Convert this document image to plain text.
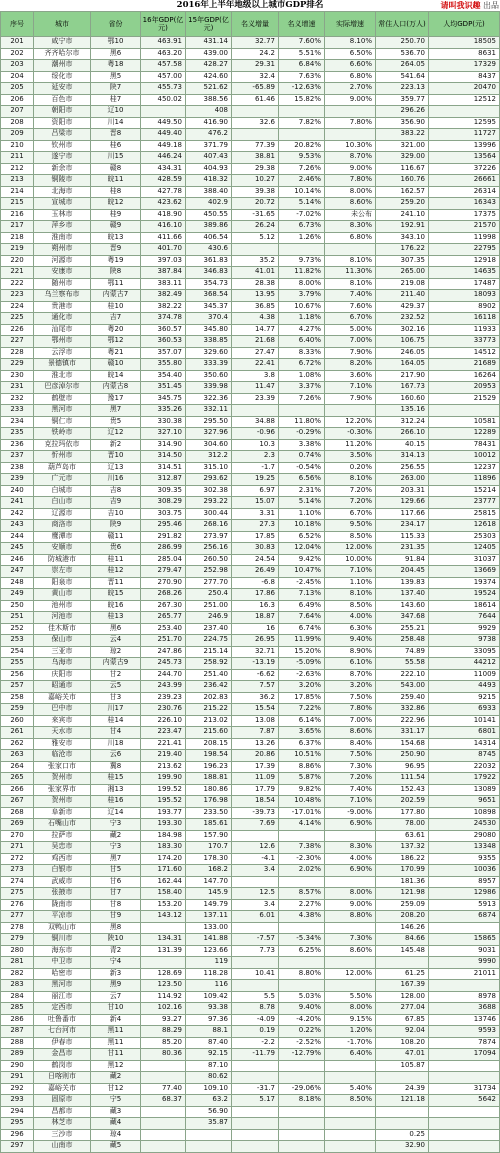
2016年上半年地级以上城市GDP排名	请叫我识趣 出品
序号	城市	省份	16年GDP(亿元)	15年GDP(亿元)	名义增量	名义增速	实际增速	常住人口(万人)	人均GDP(元)
201	咸宁市	鄂10	463.91	431.14	32.77	7.60%	8.10%	250.70	18505
202	齐齐哈尔市	黑6	463.20	439.00	24.2	5.51%	6.50%	536.70	8631
203	潮州市	粤18	457.58	428.27	29.31	6.84%	6.60%	264.05	17329
204	绥化市	黑5	457.00	424.60	32.4	7.63%	6.80%	541.64	8437
205	延安市	陕7	455.73	521.62	-65.89	-12.63%	2.70%	223.13	20470
206	百色市	桂7	450.02	388.56	61.46	15.82%	9.00%	359.77	12512
207	朝阳市	辽10		408				296.26	
208	资阳市	川14	449.50	416.90	32.6	7.82%	7.80%	356.90	12595
209	吕梁市	晋8	449.40	476.2				383.22	11727
210	钦州市	桂6	449.18	371.79	77.39	20.82%	10.30%	321.00	13996
211	遂宁市	川15	446.24	407.43	38.81	9.53%	8.70%	329.00	13564
212	新余市	赣8	434.31	404.93	29.38	7.26%	9.00%	116.67	37226
213	铜陵市	皖11	428.59	418.32	10.27	2.46%	7.80%	160.76	26661
214	北海市	桂8	427.78	388.40	39.38	10.14%	8.00%	162.57	26314
215	宣城市	皖12	423.62	402.9	20.72	5.14%	8.60%	259.20	16343
216	玉林市	桂9	418.90	450.55	-31.65	-7.02%	未公布	241.10	17375
217	萍乡市	赣9	416.10	389.86	26.24	6.73%	8.30%	192.91	21570
218	淮南市	皖13	411.66	406.54	5.12	1.26%	6.80%	343.10	11998
219	朔州市	晋9	401.70	430.6				176.22	22795
220	河源市	粤19	397.03	361.83	35.2	9.73%	8.10%	307.35	12918
221	安康市	陕8	387.84	346.83	41.01	11.82%	11.30%	265.00	14635
222	随州市	鄂11	383.11	354.73	28.38	8.00%	8.10%	219.08	17487
223	乌兰察布市	内蒙古7	382.49	368.54	13.95	3.79%	7.40%	211.40	18093
224	贵港市	桂10	382.22	345.37	36.85	10.67%	7.60%	429.37	8902
225	通化市	吉7	374.78	370.4	4.38	1.18%	6.70%	232.52	16118
226	汕尾市	粤20	360.57	345.80	14.77	4.27%	5.00%	302.16	11933
227	鄂州市	鄂12	360.53	338.85	21.68	6.40%	7.00%	106.75	33773
228	云浮市	粤21	357.07	329.60	27.47	8.33%	7.90%	246.05	14512
229	景德镇市	赣10	355.80	333.39	22.41	6.72%	8.20%	164.05	21689
230	淮北市	皖14	354.40	350.60	3.8	1.08%	3.60%	217.90	16264
231	巴彦淖尔市	内蒙古8	351.45	339.98	11.47	3.37%	7.10%	167.73	20953
232	鹤壁市	豫17	345.75	322.36	23.39	7.26%	7.90%	160.60	21529
233	黑河市	黑7	335.26	332.11				135.16	
234	铜仁市	贵5	330.38	295.50	34.88	11.80%	12.20%	312.24	10581
235	铁岭市	辽12	327.10	327.96	-0.96	-0.29%	-0.30%	266.10	12289
236	克拉玛依市	新2	314.90	304.60	10.3	3.38%	11.20%	40.15	78431
237	忻州市	晋10	314.50	312.2	2.3	0.74%	3.50%	314.13	10012
238	葫芦岛市	辽13	314.51	315.10	-1.7	-0.54%	0.20%	256.55	12237
239	广元市	川16	312.87	293.62	19.25	6.56%	8.10%	263.00	11896
240	白城市	吉8	309.35	302.38	6.97	2.31%	7.20%	203.31	15214
241	白山市	吉9	308.29	293.22	15.07	5.14%	7.20%	129.66	23777
242	辽源市	吉10	303.75	300.44	3.31	1.10%	6.70%	117.66	25815
243	商洛市	陕9	295.46	268.16	27.3	10.18%	9.50%	234.17	12618
244	鹰潭市	赣11	291.82	273.97	17.85	6.52%	8.50%	115.33	25303
245	安顺市	贵6	286.99	256.16	30.83	12.04%	12.00%	231.35	12405
246	防城港市	桂11	285.04	260.50	24.54	9.42%	10.00%	91.84	31037
247	崇左市	桂12	279.47	252.98	26.49	10.47%	7.10%	204.45	13669
248	阳泉市	晋11	270.90	277.70	-6.8	-2.45%	1.10%	139.83	19374
249	黄山市	皖15	268.26	250.4	17.86	7.13%	8.10%	137.40	19524
250	池州市	皖16	267.30	251.00	16.3	6.49%	8.50%	143.60	18614
251	河池市	桂13	265.77	246.9	18.87	7.64%	4.00%	347.68	7644
252	佳木斯市	黑6	253.40	237.40	16	6.74%	6.30%	255.21	9929
253	保山市	云4	251.70	224.75	26.95	11.99%	9.40%	258.48	9738
254	三亚市	琼2	247.86	215.14	32.71	15.20%	8.90%	74.89	33095
255	乌海市	内蒙古9	245.73	258.92	-13.19	-5.09%	6.10%	55.58	44212
256	庆阳市	甘2	244.70	251.40	-6.62	-2.63%	8.70%	222.10	11009
257	昭通市	云5	243.99	236.42	7.57	3.20%	3.20%	543.00	4493
258	嘉峪关市	甘3	239.23	202.83	36.2	17.85%	7.50%	259.40	9215
259	巴中市	川17	230.76	215.22	15.54	7.22%	7.80%	332.86	6933
260	来宾市	桂14	226.10	213.02	13.08	6.14%	7.00%	222.96	10141
261	天水市	甘4	223.47	215.60	7.87	3.65%	8.60%	331.17	6801
262	雅安市	川18	221.41	208.15	13.26	6.37%	8.40%	154.68	14314
263	临沧市	云6	219.40	198.54	20.86	10.51%	7.50%	250.90	8745
264	张家口市	冀8	213.62	196.23	17.39	8.86%	7.30%	96.95	22032
265	贺州市	桂15	199.90	188.81	11.09	5.87%	7.20%	111.54	17922
266	张家界市	湘13	199.52	180.86	17.79	9.82%	7.40%	152.43	13089
267	贺州市	桂16	195.52	176.98	18.54	10.48%	7.10%	202.59	9651
268	阜新市	辽14	193.77	233.50	-39.73	-17.01%	-9.00%	177.80	10898
269	石嘴山市	宁3	193.30	185.61	7.69	4.14%	6.90%	78.00	24530
270	拉萨市	藏2	184.98	157.90				63.61	29080
271	吴忠市	宁3	183.30	170.7	12.6	7.38%	8.30%	137.32	13348
272	鸡西市	黑7	174.20	178.30	-4.1	-2.30%	4.00%	186.22	9355
273	白银市	甘5	171.60	168.2	3.4	2.02%	6.90%	170.99	10036
274	武威市	甘6	162.44	147.70				181.36	8957
275	张掖市	甘7	158.40	145.9	12.5	8.57%	8.00%	121.98	12986
276	陇南市	甘8	153.20	149.79	3.4	2.27%	9.00%	259.09	5913
277	平凉市	甘9	143.12	137.11	6.01	4.38%	8.80%	208.20	6874
278	双鸭山市	黑8		133.00				146.26	
279	铜川市	陕10	134.31	141.88	-7.57	-5.34%	7.30%	84.66	15865
280	海东市	青2	131.39	123.66	7.73	6.25%	8.60%	145.48	9031
281	中卫市	宁4		119					9990
282	哈密市	新3	128.69	118.28	10.41	8.80%	12.00%	61.25	21011
283	黑河市	黑9	123.50	116				167.39	
284	丽江市	云7	114.92	109.42	5.5	5.03%	5.50%	128.00	8978
285	定西市	甘10	102.16	93.38	8.78	9.40%	8.00%	277.04	3688
286	吐鲁番市	新4	93.27	97.36	-4.09	-4.20%	9.15%	67.85	13746
287	七台河市	黑11	88.29	88.1	0.19	0.22%	1.20%	92.04	9593
288	伊春市	黑11	85.20	87.40	-2.2	-2.52%	-1.70%	108.20	7874
289	金昌市	甘11	80.36	92.15	-11.79	-12.79%	6.40%	47.01	17094
290	鹤岗市	黑12		87.10				105.87	
291	日喀则市	藏2		80.62					
292	嘉峪关市	甘12	77.40	109.10	-31.7	-29.06%	5.40%	24.39	31734
293	固原市	宁5	68.37	63.2	5.17	8.18%	8.50%	121.18	5642
294	昌都市	藏3		56.90					
295	林芝市	藏4		35.87					
296	三沙市	琼4						0.25	
297	山南市	藏5						32.90	
